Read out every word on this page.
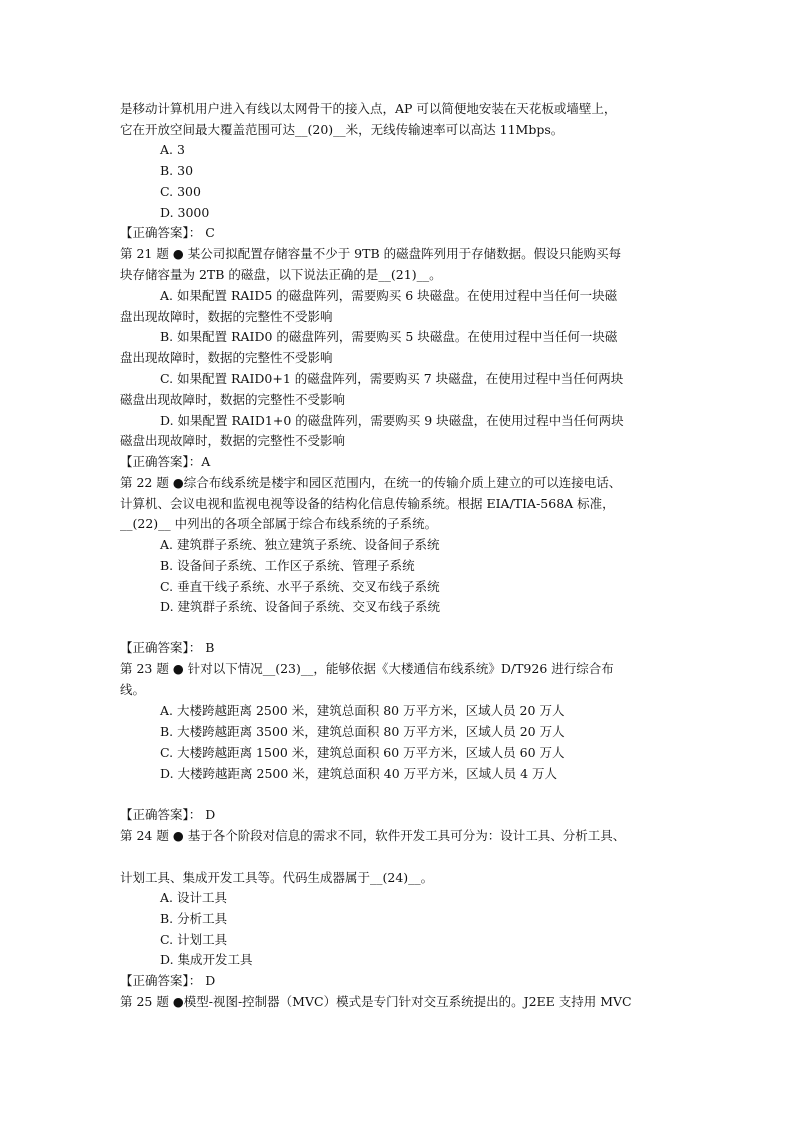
是移动计算机用户进入有线以太网骨干的接入点，AP 可以简便地安装在天花板或墙壁上，
它在开放空间最大覆盖范围可达__(20)__米，无线传输速率可以高达 11Mbps。
A. 3
B. 30
C. 300
D. 3000
【正确答案】： C
第 21 题 ● 某公司拟配置存储容量不少于 9TB 的磁盘阵列用于存储数据。假设只能购买每
块存储容量为 2TB 的磁盘，以下说法正确的是__(21)__。
A. 如果配置 RAID5 的磁盘阵列，需要购买 6 块磁盘。在使用过程中当任何一块磁
盘出现故障时，数据的完整性不受影响
B. 如果配置 RAID0 的磁盘阵列，需要购买 5 块磁盘。在使用过程中当任何一块磁
盘出现故障时，数据的完整性不受影响
C. 如果配置 RAID0+1 的磁盘阵列，需要购买 7 块磁盘，在使用过程中当任何两块
磁盘出现故障时，数据的完整性不受影响
D. 如果配置 RAID1+0 的磁盘阵列，需要购买 9 块磁盘，在使用过程中当任何两块
磁盘出现故障时，数据的完整性不受影响
【正确答案】：A
第 22 题 ●综合布线系统是楼宇和园区范围内，在统一的传输介质上建立的可以连接电话、
计算机、会议电视和监视电视等设备的结构化信息传输系统。根据 EIA/TIA-568A 标准，
__(22)__ 中列出的各项全部属于综合布线系统的子系统。
A. 建筑群子系统、独立建筑子系统、设备间子系统
B. 设备间子系统、工作区子系统、管理子系统
C. 垂直干线子系统、水平子系统、交叉布线子系统
D. 建筑群子系统、设备间子系统、交叉布线子系统
【正确答案】： B
第 23 题 ● 针对以下情况__(23)__，能够依据《大楼通信布线系统》D/T926 进行综合布
线。
A. 大楼跨越距离 2500 米，建筑总面积 80 万平方米，区域人员 20 万人
B. 大楼跨越距离 3500 米，建筑总面积 80 万平方米，区域人员 20 万人
C. 大楼跨越距离 1500 米，建筑总面积 60 万平方米，区域人员 60 万人
D. 大楼跨越距离 2500 米，建筑总面积 40 万平方米，区域人员 4 万人
【正确答案】： D
第 24 题 ● 基于各个阶段对信息的需求不同，软件开发工具可分为：设计工具、分析工具、
计划工具、集成开发工具等。代码生成器属于__(24)__。
A. 设计工具
B. 分析工具
C. 计划工具
D. 集成开发工具
【正确答案】： D
第 25 题 ●模型-视图-控制器（MVC）模式是专门针对交互系统提出的。J2EE 支持用 MVC
